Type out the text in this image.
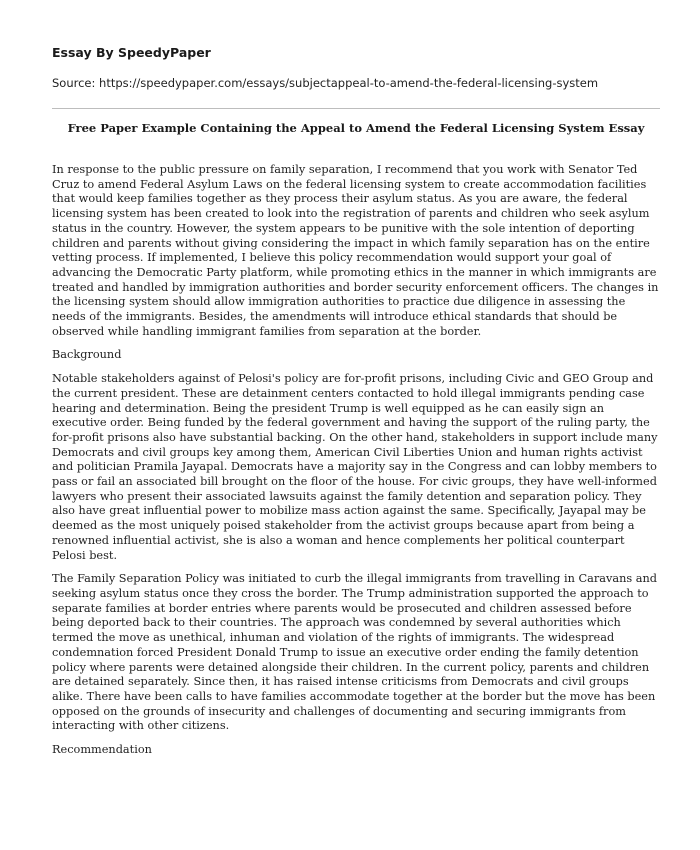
Essay By SpeedyPaper
Source: https://speedypaper.com/essays/subjectappeal-to-amend-the-federal-licensing-system
Free Paper Example Containing the Appeal to Amend the Federal Licensing System Essay

In response to the public pressure on family separation, I recommend that you work with Senator Ted Cruz to amend Federal Asylum Laws on the federal licensing system to create accommodation facilities that would keep families together as they process their asylum status. As you are aware, the federal licensing system has been created to look into the registration of parents and children who seek asylum status in the country. However, the system appears to be punitive with the sole intention of deporting children and parents without giving considering the impact in which family separation has on the entire vetting process. If implemented, I believe this policy recommendation would support your goal of advancing the Democratic Party platform, while promoting ethics in the manner in which immigrants are treated and handled by immigration authorities and border security enforcement officers. The changes in the licensing system should allow immigration authorities to practice due diligence in assessing the needs of the immigrants. Besides, the amendments will introduce ethical standards that should be observed while handling immigrant families from separation at the border.

Background

Notable stakeholders against of Pelosi's policy are for-profit prisons, including Civic and GEO Group and the current president. These are detainment centers contacted to hold illegal immigrants pending case hearing and determination. Being the president Trump is well equipped as he can easily sign an executive order. Being funded by the federal government and having the support of the ruling party, the for-profit prisons also have substantial backing. On the other hand, stakeholders in support include many Democrats and civil groups key among them, American Civil Liberties Union and human rights activist and politician Pramila Jayapal. Democrats have a majority say in the Congress and can lobby members to pass or fail an associated bill brought on the floor of the house. For civic groups, they have well-informed lawyers who present their associated lawsuits against the family detention and separation policy. They also have great influential power to mobilize mass action against the same. Specifically, Jayapal may be deemed as the most uniquely poised stakeholder from the activist groups because apart from being a renowned influential activist, she is also a woman and hence complements her political counterpart Pelosi best.

The Family Separation Policy was initiated to curb the illegal immigrants from travelling in Caravans and seeking asylum status once they cross the border. The Trump administration supported the approach to separate families at border entries where parents would be prosecuted and children assessed before being deported back to their countries. The approach was condemned by several authorities which termed the move as unethical, inhuman and violation of the rights of immigrants. The widespread condemnation forced President Donald Trump to issue an executive order ending the family detention policy where parents were detained alongside their children. In the current policy, parents and children are detained separately. Since then, it has raised intense criticisms from Democrats and civil groups alike. There have been calls to have families accommodate together at the border but the move has been opposed on the grounds of insecurity and challenges of documenting and securing immigrants from interacting with other citizens.

Recommendation
